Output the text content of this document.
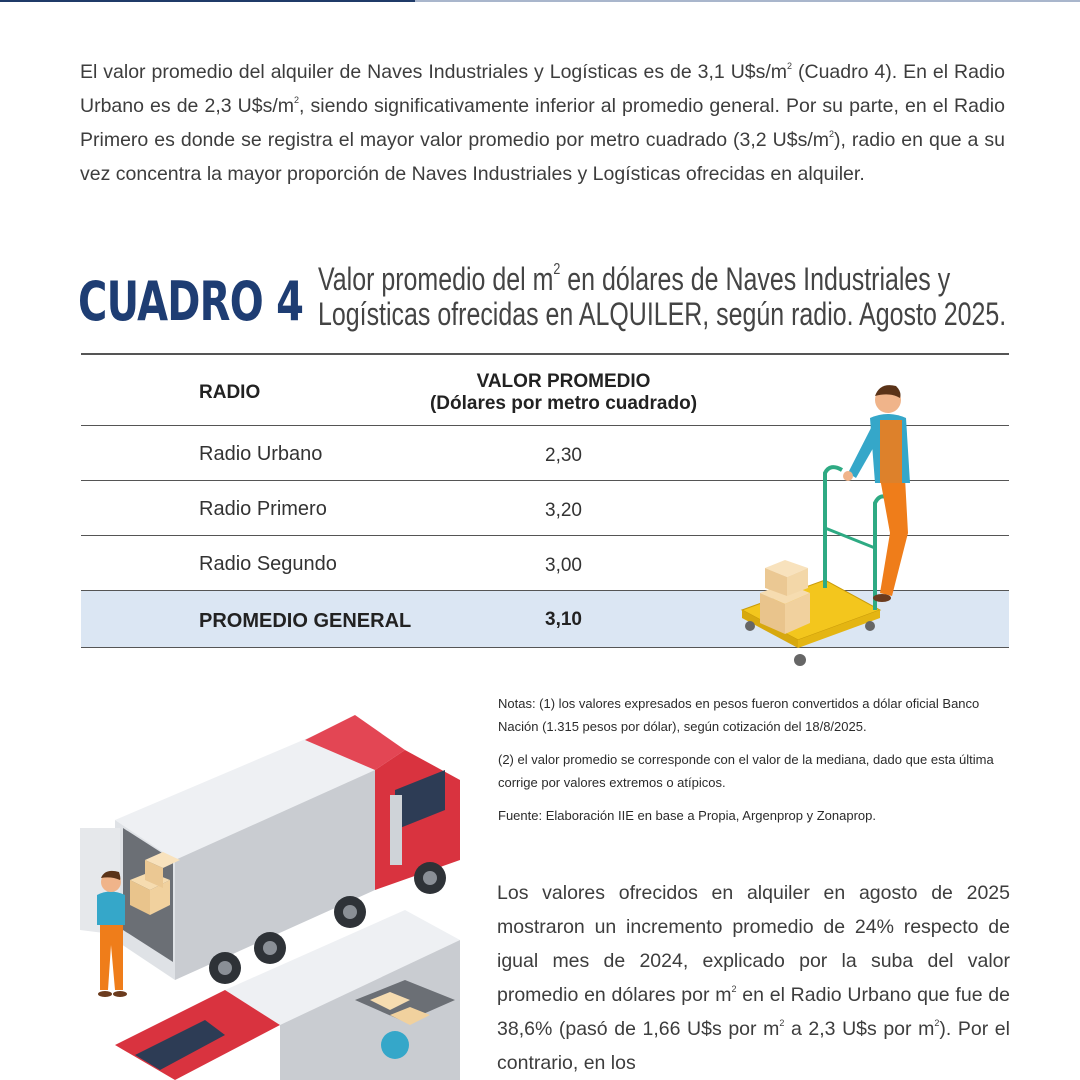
El valor promedio del alquiler de Naves Industriales y Logísticas es de 3,1 $U\$s/m^2$ (Cuadro 4). En el Radio Urbano es de 2,3 $U\$s/m^2$, siendo significativamente inferior al promedio general. Por su parte, en el Radio Primero es donde se registra el mayor valor promedio por metro cuadrado (3,2 $U\$s/m^2$), radio en que a su vez concentra la mayor proporción de Naves Industriales y Logísticas ofrecidas en alquiler.

CUADRO 4 Valor promedio del $m^2$ en dólares de Naves Industriales y
Logísticas ofrecidas en ALQUILER, según radio. Agosto 2025.
RADIO
VALOR PROMEDIO
(Dólares por metro cuadrado)
Radio Urbano	2,30
Radio Primero	3,20
Radio Segundo	3,00
PROMEDIO GENERAL	3,10

Notas: (1) los valores expresados en pesos fueron convertidos a dólar oficial Banco Nación (1.315 pesos por dólar), según cotización del 18/8/2025.

(2) el valor promedio se corresponde con el valor de la mediana, dado que esta última corrige por valores extremos o atípicos.

Fuente: Elaboración IIE en base a Propia, Argenprop y Zonaprop.

Los valores ofrecidos en alquiler en agosto de 2025 mostraron un incremento promedio de 24% respecto de igual mes de 2024, explicado por la suba del valor promedio en dólares por $m^2$ en el Radio Urbano que fue de 38,6% (pasó de 1,66 U$s por $m^2$ a 2,3 U$s por $m^2$). Por el contrario, en los
